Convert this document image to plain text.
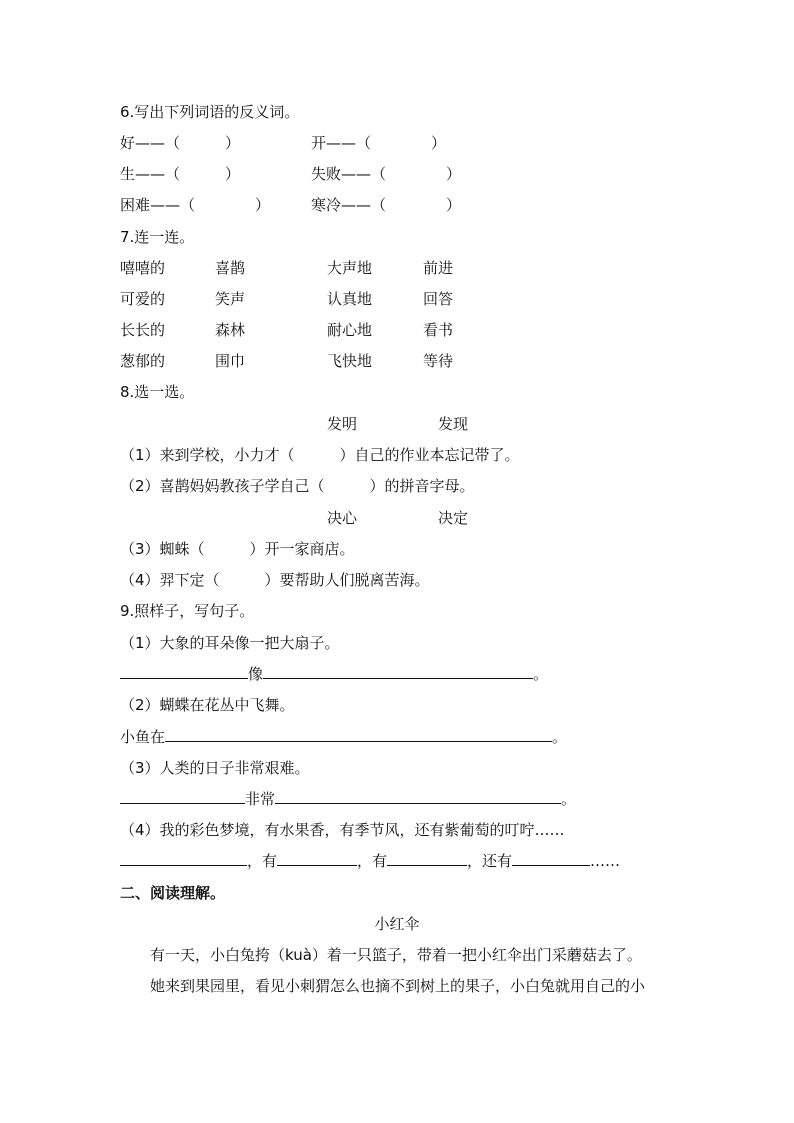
6.写出下列词语的反义词。
好——（　　　）	开——（　　　　）
生——（　　　）	失败——（　　　　）
困难——（　　　　）	寒冷——（　　　　）
7.连一连。
嘻嘻的	喜鹊	大声地	前进
可爱的	笑声	认真地	回答
长长的	森林	耐心地	看书
葱郁的	围巾	飞快地	等待
8.选一选。
发明	发现
（1）来到学校，小力才（　　　）自己的作业本忘记带了。
（2）喜鹊妈妈教孩子学自己（　　　）的拼音字母。
决心	决定
（3）蜘蛛（　　　）开一家商店。
（4）羿下定（　　　）要帮助人们脱离苦海。
9.照样子，写句子。
（1）大象的耳朵像一把大扇子。
像	。
（2）蝴蝶在花丛中飞舞。
小鱼在	。
（3）人类的日子非常艰难。
非常	。
（4）我的彩色梦境，有水果香，有季节风，还有紫葡萄的叮咛……
，有	，有	，还有	……
二、阅读理解。
小红伞
有一天，小白兔挎（kuà）着一只篮子，带着一把小红伞出门采蘑菇去了。
她来到果园里，看见小刺猬怎么也摘不到树上的果子，小白兔就用自己的小
